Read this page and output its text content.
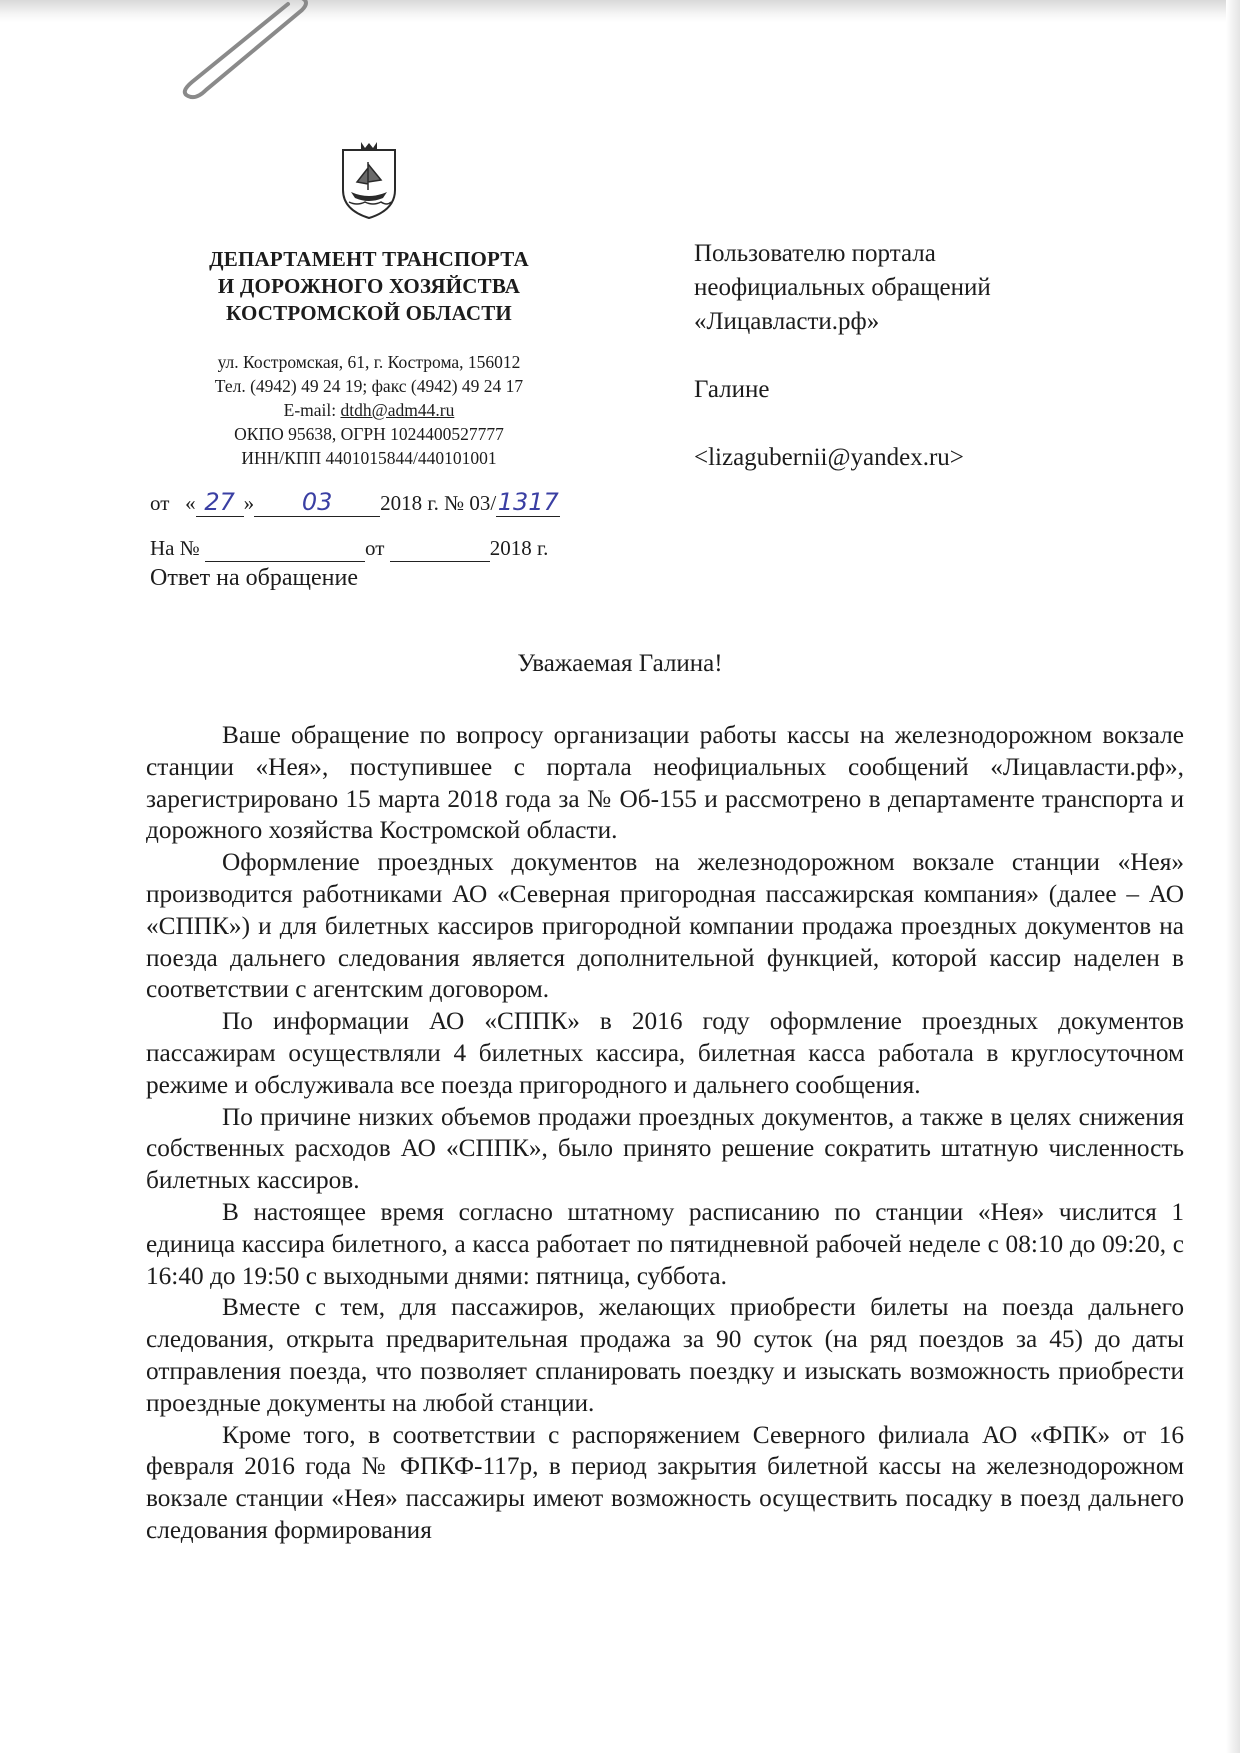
ДЕПАРТАМЕНТ ТРАНСПОРТА
И ДОРОЖНОГО ХОЗЯЙСТВА
КОСТРОМСКОЙ ОБЛАСТИ
ул. Костромская, 61, г. Кострома, 156012
Тел. (4942) 49 24 19; факс (4942) 49 24 17
E-mail: dtdh@adm44.ru
ОКПО 95638, ОГРН 1024400527777
ИНН/КПП 4401015844/440101001
от   « 27 » 03 2018 г. № 03/1317
На №	от	2018 г.
Ответ на обращение
Пользователю портала
неофициальных обращений
«Лицавласти.рф»
Галине
<lizagubernii@yandex.ru>
Уважаемая Галина!

Ваше обращение по вопросу организации работы кассы на железнодорожном вокзале станции «Нея», поступившее с портала неофициальных сообщений «Лицавласти.рф», зарегистрировано 15 марта 2018 года за № Об-155 и рассмотрено в департаменте транспорта и дорожного хозяйства Костромской области.

Оформление проездных документов на железнодорожном вокзале станции «Нея» производится работниками АО «Северная пригородная пассажирская компания» (далее – АО «СППК») и для билетных кассиров пригородной компании продажа проездных документов на поезда дальнего следования является дополнительной функцией, которой кассир наделен в соответствии с агентским договором.

По информации АО «СППК» в 2016 году оформление проездных документов пассажирам осуществляли 4 билетных кассира, билетная касса работала в круглосуточном режиме и обслуживала все поезда пригородного и дальнего сообщения.

По причине низких объемов продажи проездных документов, а также в целях снижения собственных расходов АО «СППК», было принято решение сократить штатную численность билетных кассиров.

В настоящее время согласно штатному расписанию по станции «Нея» числится 1 единица кассира билетного, а касса работает по пятидневной рабочей неделе с 08:10 до 09:20, с 16:40 до 19:50 с выходными днями: пятница, суббота.

Вместе с тем, для пассажиров, желающих приобрести билеты на поезда дальнего следования, открыта предварительная продажа за 90 суток (на ряд поездов за 45) до даты отправления поезда, что позволяет спланировать поездку и изыскать возможность приобрести проездные документы на любой станции.

Кроме того, в соответствии с распоряжением Северного филиала АО «ФПК» от 16 февраля 2016 года № ФПКФ-117р, в период закрытия билетной кассы на железнодорожном вокзале станции «Нея» пассажиры имеют возможность осуществить посадку в поезд дальнего следования формирования
